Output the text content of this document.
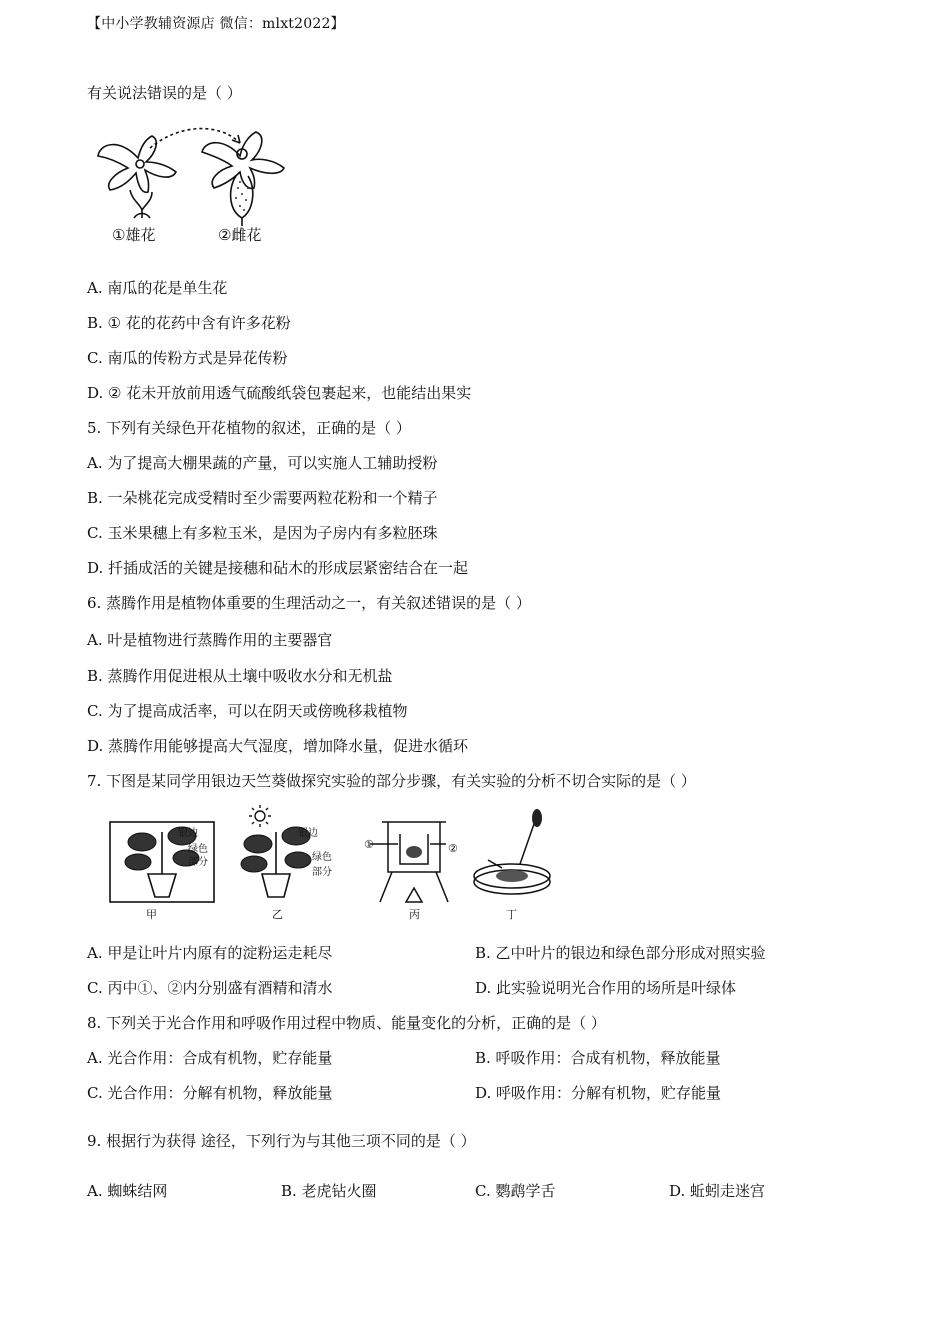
【中小学教辅资源店 微信：mlxt2022】
有关说法错误的是（ ）
①雄花	②雌花
A. 南瓜的花是单生花
B. ① 花的花药中含有许多花粉
C. 南瓜的传粉方式是异花传粉
D. ② 花未开放前用透气硫酸纸袋包裹起来，也能结出果实
5. 下列有关绿色开花植物的叙述，正确的是（ ）
A. 为了提高大棚果蔬的产量，可以实施人工辅助授粉
B. 一朵桃花完成受精时至少需要两粒花粉和一个精子
C. 玉米果穗上有多粒玉米，是因为子房内有多粒胚珠
D. 扦插成活的关键是接穗和砧木的形成层紧密结合在一起
6. 蒸腾作用是植物体重要的生理活动之一，有关叙述错误的是（ ）
A. 叶是植物进行蒸腾作用的主要器官
B. 蒸腾作用促进根从土壤中吸收水分和无机盐
C. 为了提高成活率，可以在阴天或傍晚移栽植物
D. 蒸腾作用能够提高大气湿度，增加降水量，促进水循环
7. 下图是某同学用银边天竺葵做探究实验的部分步骤，有关实验的分析不切合实际的是（ ）
银边
绿色
部分
甲
银边
绿色
部分
乙
①	②
丙	丁
A. 甲是让叶片内原有的淀粉运走耗尽	B. 乙中叶片的银边和绿色部分形成对照实验
C. 丙中①、②内分别盛有酒精和清水	D. 此实验说明光合作用的场所是叶绿体
8. 下列关于光合作用和呼吸作用过程中物质、能量变化的分析，正确的是（ ）
A. 光合作用：合成有机物，贮存能量	B. 呼吸作用：合成有机物，释放能量
C. 光合作用：分解有机物，释放能量	D. 呼吸作用：分解有机物，贮存能量
9. 根据行为获得 途径，下列行为与其他三项不同的是（ ）
A. 蜘蛛结网	B. 老虎钻火圈	C. 鹦鹉学舌	D. 蚯蚓走迷宫
